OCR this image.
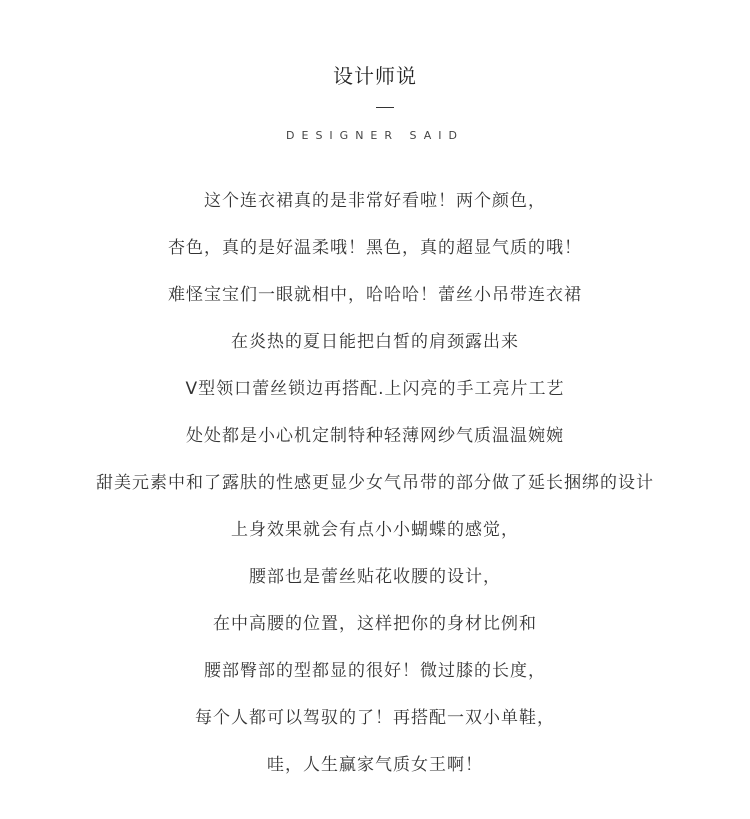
设计师说
DESIGNER SAID
这个连衣裙真的是非常好看啦！两个颜色，
杏色，真的是好温柔哦！黑色，真的超显气质的哦！
难怪宝宝们一眼就相中，哈哈哈！蕾丝小吊带连衣裙
在炎热的夏日能把白皙的肩颈露出来
V型领口蕾丝锁边再搭配.上闪亮的手工亮片工艺
处处都是小心机定制特种轻薄网纱气质温温婉婉
甜美元素中和了露肤的性感更显少女气吊带的部分做了延长捆绑的设计
上身效果就会有点小小蝴蝶的感觉，
腰部也是蕾丝贴花收腰的设计，
在中高腰的位置，这样把你的身材比例和
腰部臀部的型都显的很好！微过膝的长度，
每个人都可以驾驭的了！再搭配一双小单鞋，
哇，人生赢家气质女王啊！
